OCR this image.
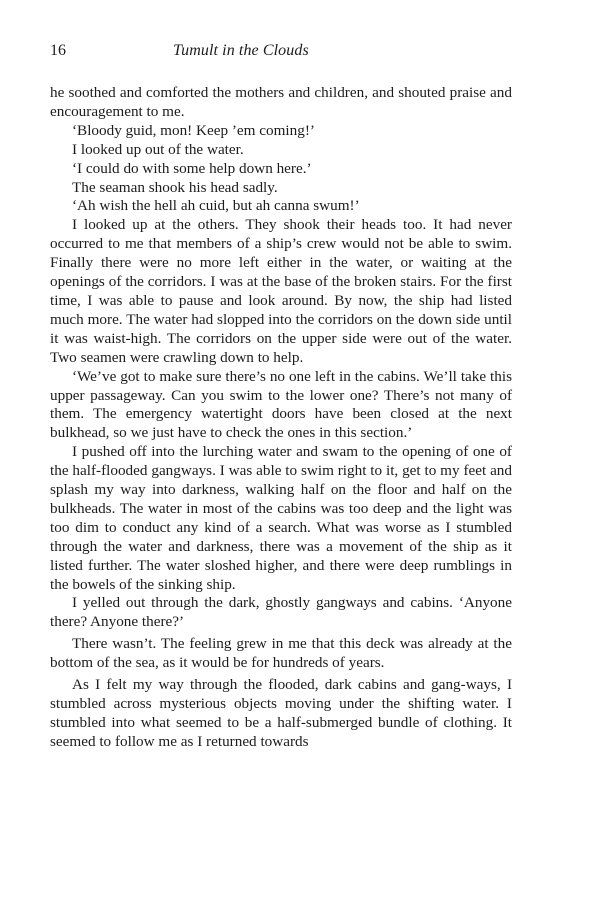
16	Tumult in the Clouds

he soothed and comforted the mothers and children, and shouted praise and encouragement to me.

‘Bloody guid, mon! Keep ’em coming!’

I looked up out of the water.

‘I could do with some help down here.’

The seaman shook his head sadly.

‘Ah wish the hell ah cuid, but ah canna swum!’

I looked up at the others. They shook their heads too. It had never occurred to me that members of a ship’s crew would not be able to swim. Finally there were no more left either in the water, or waiting at the openings of the corridors. I was at the base of the broken stairs. For the first time, I was able to pause and look around. By now, the ship had listed much more. The water had slopped into the corridors on the down side until it was waist-high. The corridors on the upper side were out of the water. Two seamen were crawling down to help.

‘We’ve got to make sure there’s no one left in the cabins. We’ll take this upper passageway. Can you swim to the lower one? There’s not many of them. The emergency watertight doors have been closed at the next bulkhead, so we just have to check the ones in this section.’

I pushed off into the lurching water and swam to the opening of one of the half-flooded gangways. I was able to swim right to it, get to my feet and splash my way into darkness, walking half on the floor and half on the bulkheads. The water in most of the cabins was too deep and the light was too dim to conduct any kind of a search. What was worse as I stumbled through the water and darkness, there was a movement of the ship as it listed further. The water sloshed higher, and there were deep rumblings in the bowels of the sinking ship.

I yelled out through the dark, ghostly gangways and cabins. ‘Anyone there? Anyone there?’

There wasn’t. The feeling grew in me that this deck was already at the bottom of the sea, as it would be for hundreds of years.

As I felt my way through the flooded, dark cabins and gang-ways, I stumbled across mysterious objects moving under the shifting water. I stumbled into what seemed to be a half-submerged bundle of clothing. It seemed to follow me as I returned towards
